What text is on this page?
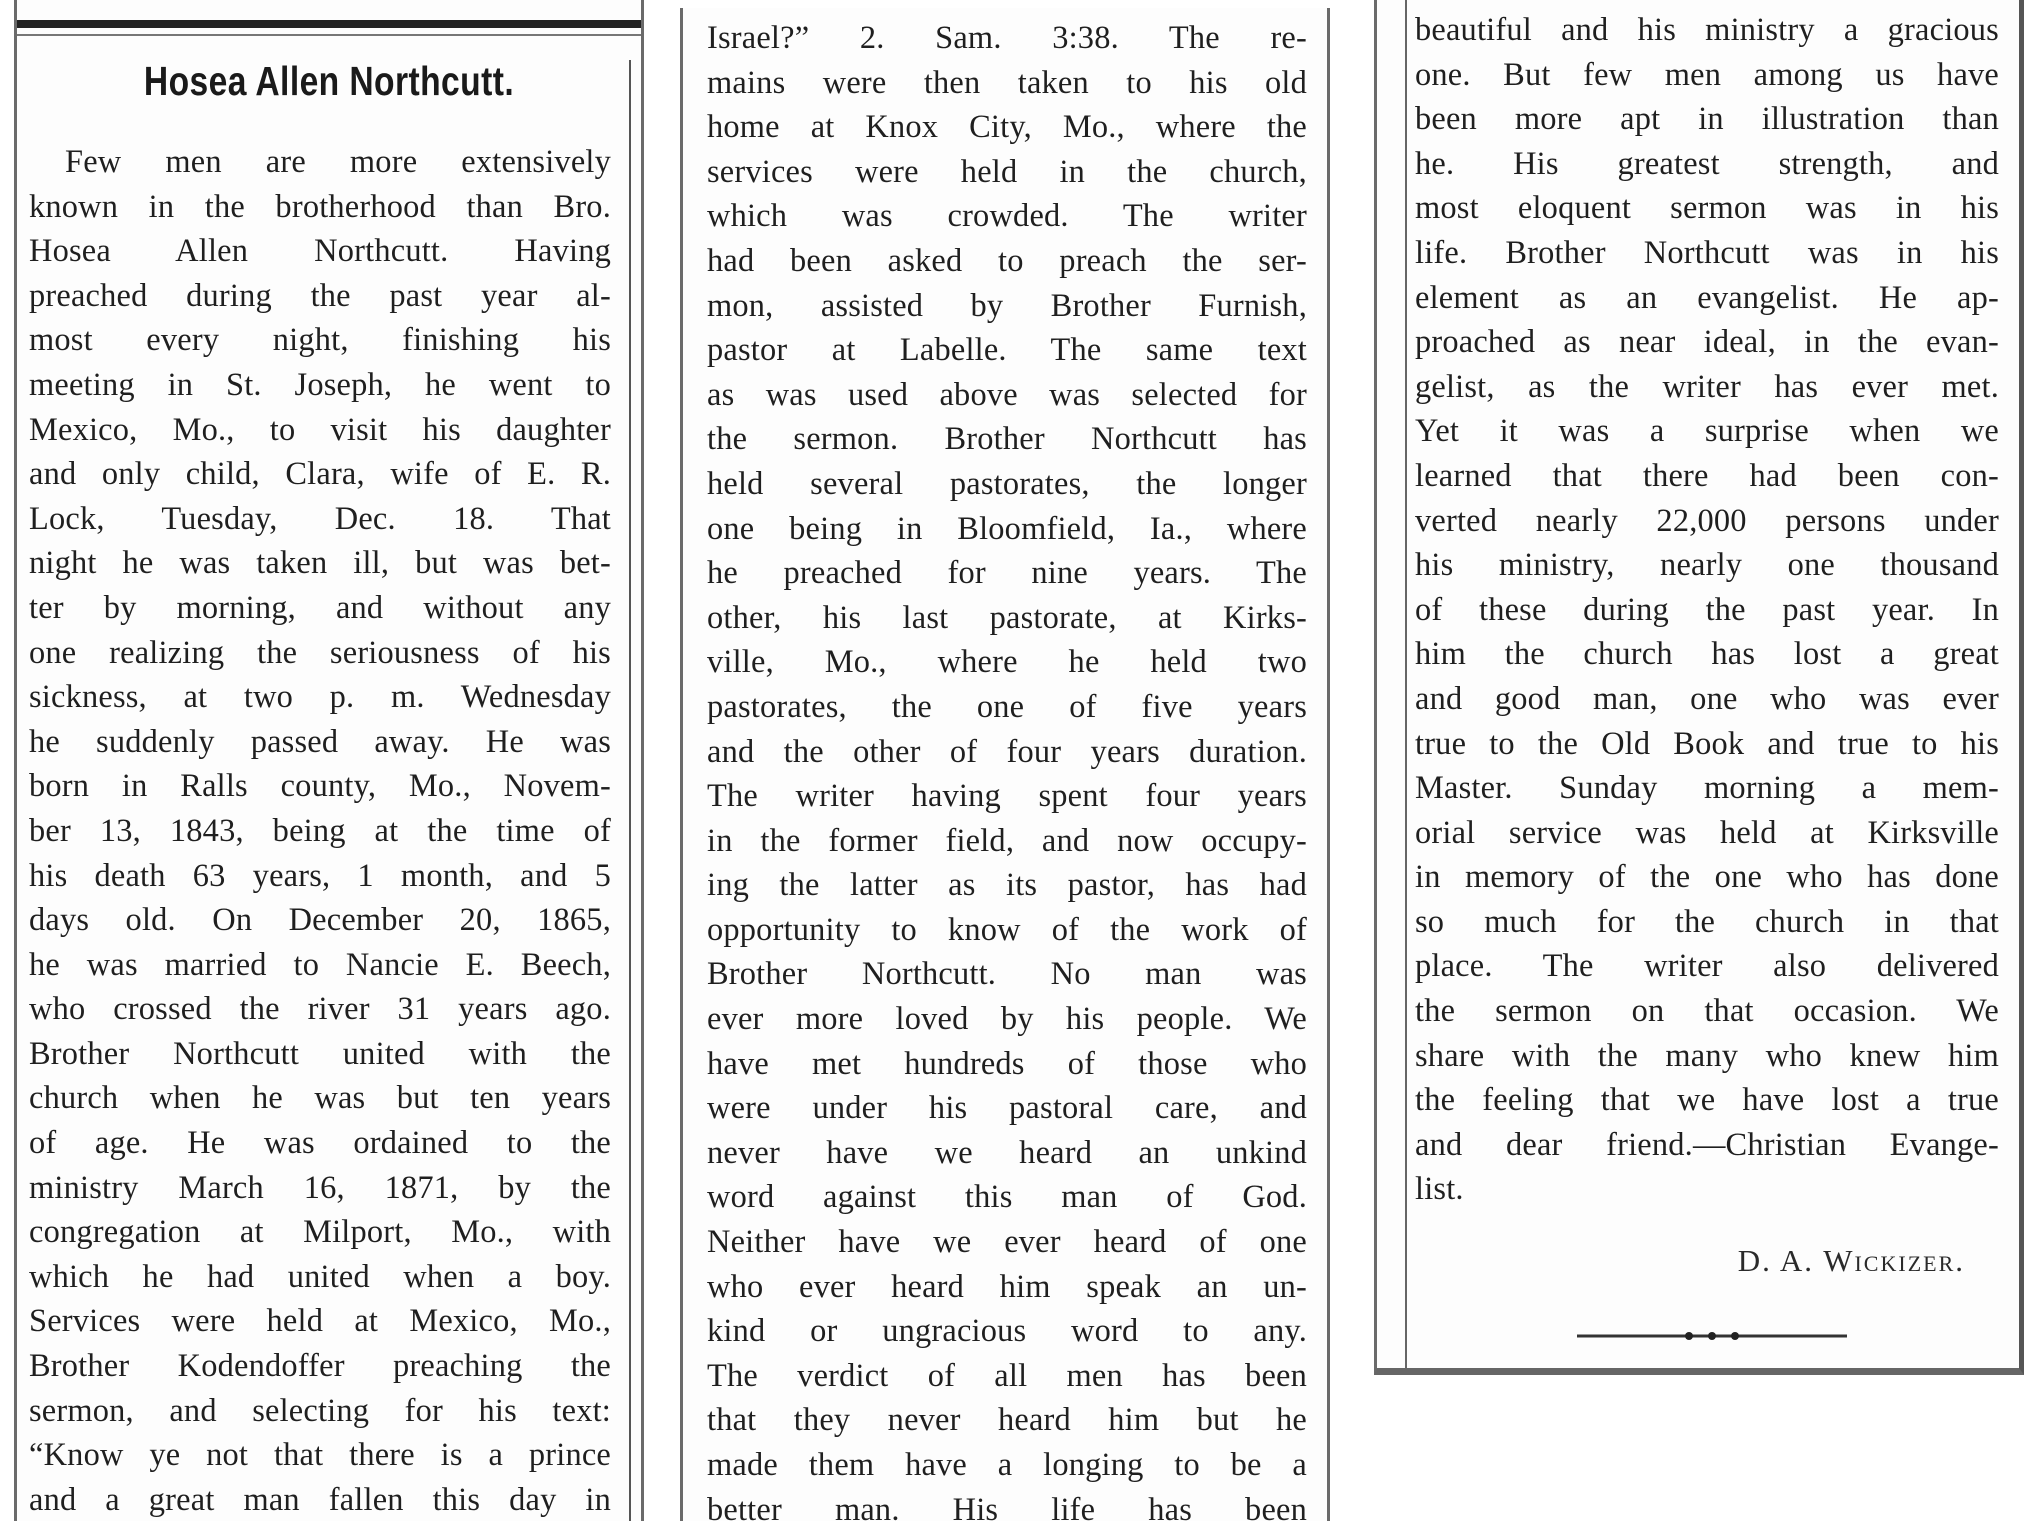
Hosea Allen Northcutt.

Few men are more extensively

known in the brotherhood than Bro.

Hosea Allen Northcutt. Having

preached during the past year al-

most every night, finishing his

meeting in St. Joseph, he went to

Mexico, Mo., to visit his daughter

and only child, Clara, wife of E. R.

Lock, Tuesday, Dec. 18. That

night he was taken ill, but was bet-

ter by morning, and without any

one realizing the seriousness of his

sickness, at two p. m. Wednesday

he suddenly passed away. He was

born in Ralls county, Mo., Novem-

ber 13, 1843, being at the time of

his death 63 years, 1 month, and 5

days old. On December 20, 1865,

he was married to Nancie E. Beech,

who crossed the river 31 years ago.

Brother Northcutt united with the

church when he was but ten years

of age. He was ordained to the

ministry March 16, 1871, by the

congregation at Milport, Mo., with

which he had united when a boy.

Services were held at Mexico, Mo.,

Brother Kodendoffer preaching the

sermon, and selecting for his text:

“Know ye not that there is a prince

and a great man fallen this day in

Israel?” 2. Sam. 3:38. The re-

mains were then taken to his old

home at Knox City, Mo., where the

services were held in the church,

which was crowded. The writer

had been asked to preach the ser-

mon, assisted by Brother Furnish,

pastor at Labelle. The same text

as was used above was selected for

the sermon. Brother Northcutt has

held several pastorates, the longer

one being in Bloomfield, Ia., where

he preached for nine years. The

other, his last pastorate, at Kirks-

ville, Mo., where he held two

pastorates, the one of five years

and the other of four years duration.

The writer having spent four years

in the former field, and now occupy-

ing the latter as its pastor, has had

opportunity to know of the work of

Brother Northcutt. No man was

ever more loved by his people. We

have met hundreds of those who

were under his pastoral care, and

never have we heard an unkind

word against this man of God.

Neither have we ever heard of one

who ever heard him speak an un-

kind or ungracious word to any.

The verdict of all men has been

that they never heard him but he

made them have a longing to be a

better man. His life has been

beautiful and his ministry a gracious

one. But few men among us have

been more apt in illustration than

he. His greatest strength, and

most eloquent sermon was in his

life. Brother Northcutt was in his

element as an evangelist. He ap-

proached as near ideal, in the evan-

gelist, as the writer has ever met.

Yet it was a surprise when we

learned that there had been con-

verted nearly 22,000 persons under

his ministry, nearly one thousand

of these during the past year. In

him the church has lost a great

and good man, one who was ever

true to the Old Book and true to his

Master. Sunday morning a mem-

orial service was held at Kirksville

in memory of the one who has done

so much for the church in that

place. The writer also delivered

the sermon on that occasion. We

share with the many who knew him

the feeling that we have lost a true

and dear friend.—Christian Evange-

list.

D. A. Wickizer.
